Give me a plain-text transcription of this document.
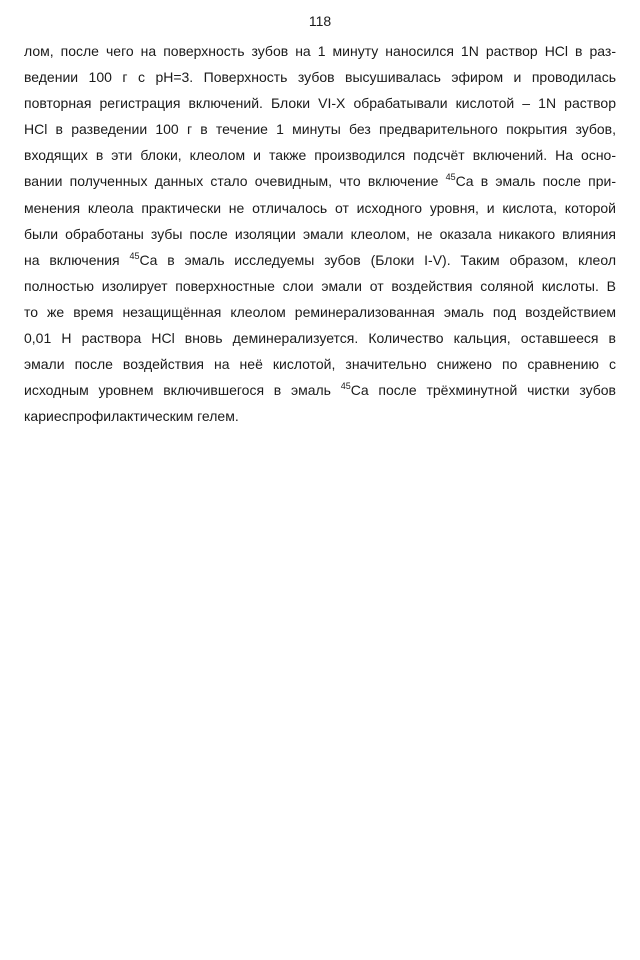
118
лом, после чего на поверхность зубов на 1 минуту наносился 1N раствор HCl в раз-
ведении 100 г с pH=3. Поверхность зубов высушивалась эфиром и проводилась
повторная регистрация включений. Блоки VI-X обрабатывали кислотой – 1N раствор
HCl в разведении 100 г в течение 1 минуты без предварительного покрытия зубов,
входящих в эти блоки, клеолом и также производился подсчёт включений. На осно-
вании полученных данных стало очевидным, что включение $^{45}$Ca в эмаль после при-
менения клеола практически не отличалось от исходного уровня, и кислота, которой
были обработаны зубы после изоляции эмали клеолом, не оказала никакого влияния
на включения $^{45}$Ca в эмаль исследуемы зубов (Блоки I-V). Таким образом, клеол
полностью изолирует поверхностные слои эмали от воздействия соляной кислоты. В
то же время незащищённая клеолом реминерализованная эмаль под воздействием
0,01 Н раствора HCl вновь деминерализуется. Количество кальция, оставшееся в
эмали после воздействия на неё кислотой, значительно снижено по сравнению с
исходным уровнем включившегося в эмаль $^{45}$Ca после трёхминутной чистки зубов
кариеспрофилактическим гелем.
